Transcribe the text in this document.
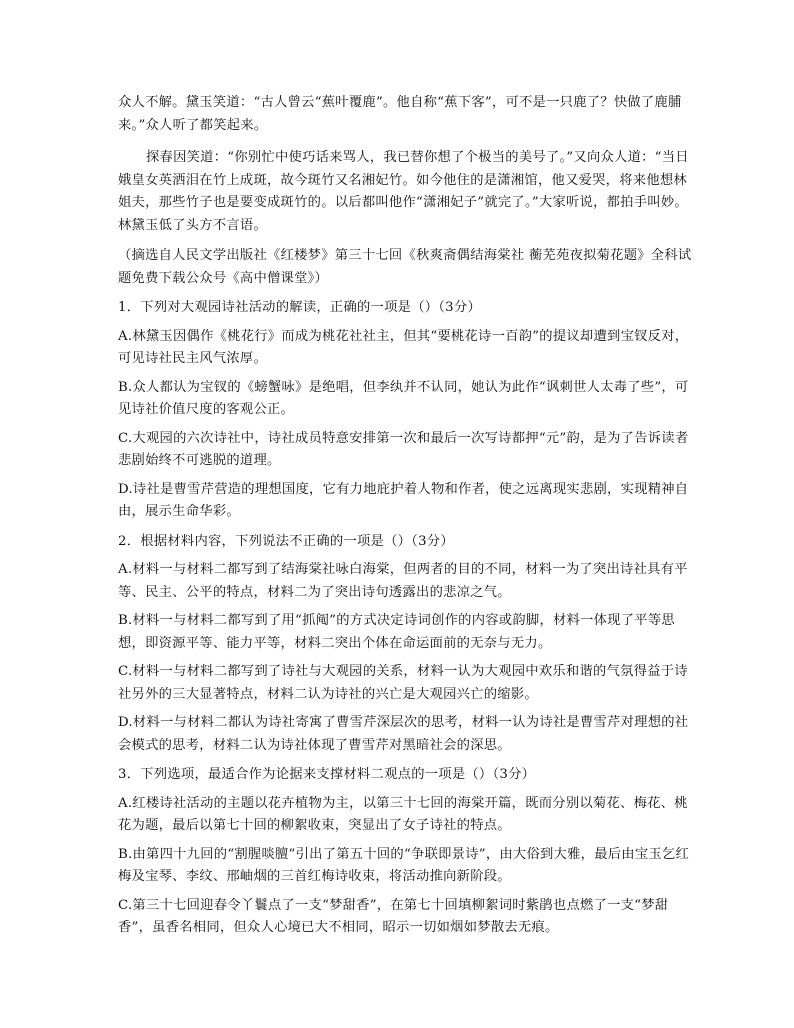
众人不解。黛玉笑道：“古人曾云“蕉叶覆鹿”。他自称“蕉下客”，可不是一只鹿了？快做了鹿脯来。”众人听了都笑起来。

探春因笑道：“你别忙中使巧话来骂人，我已替你想了个极当的美号了。”又向众人道：“当日娥皇女英洒泪在竹上成斑，故今斑竹又名湘妃竹。如今他住的是潇湘馆，他又爱哭，将来他想林姐夫，那些竹子也是要变成斑竹的。以后都叫他作“潇湘妃子”就完了。”大家听说，都拍手叫妙。林黛玉低了头方不言语。

（摘选自人民文学出版社《红楼梦》第三十七回《秋爽斋偶结海棠社 蘅芜苑夜拟菊花题》全科试题免费下载公众号《高中僧课堂》）

1．下列对大观园诗社活动的解读，正确的一项是（）（3分）

A.林黛玉因偶作《桃花行》而成为桃花社社主，但其“要桃花诗一百韵”的提议却遭到宝钗反对，可见诗社民主风气浓厚。

B.众人都认为宝钗的《螃蟹咏》是绝唱，但李纨并不认同，她认为此作“讽刺世人太毒了些”，可见诗社价值尺度的客观公正。

C.大观园的六次诗社中，诗社成员特意安排第一次和最后一次写诗都押“元”韵，是为了告诉读者悲剧始终不可逃脱的道理。

D.诗社是曹雪芹营造的理想国度，它有力地庇护着人物和作者，使之远离现实悲剧，实现精神自由，展示生命华彩。

2．根据材料内容，下列说法不正确的一项是（）（3分）

A.材料一与材料二都写到了结海棠社咏白海棠，但两者的目的不同，材料一为了突出诗社具有平等、民主、公平的特点，材料二为了突出诗句透露出的悲凉之气。

B.材料一与材料二都写到了用“抓阄”的方式决定诗词创作的内容或韵脚，材料一体现了平等思想，即资源平等、能力平等，材料二突出个体在命运面前的无奈与无力。

C.材料一与材料二都写到了诗社与大观园的关系，材料一认为大观园中欢乐和谐的气氛得益于诗社另外的三大显著特点，材料二认为诗社的兴亡是大观园兴亡的缩影。

D.材料一与材料二都认为诗社寄寓了曹雪芹深层次的思考，材料一认为诗社是曹雪芹对理想的社会模式的思考，材料二认为诗社体现了曹雪芹对黑暗社会的深思。

3．下列选项，最适合作为论据来支撑材料二观点的一项是（）（3分）

A.红楼诗社活动的主题以花卉植物为主，以第三十七回的海棠开篇，既而分别以菊花、梅花、桃花为题，最后以第七十回的柳絮收束，突显出了女子诗社的特点。

B.由第四十九回的“割腥啖膻”引出了第五十回的“争联即景诗”，由大俗到大雅，最后由宝玉乞红梅及宝琴、李纹、邢岫烟的三首红梅诗收束，将活动推向新阶段。

C.第三十七回迎春令丫鬟点了一支“梦甜香”，在第七十回填柳絮词时紫鹃也点燃了一支“梦甜香”，虽香名相同，但众人心境已大不相同，昭示一切如烟如梦散去无痕。
